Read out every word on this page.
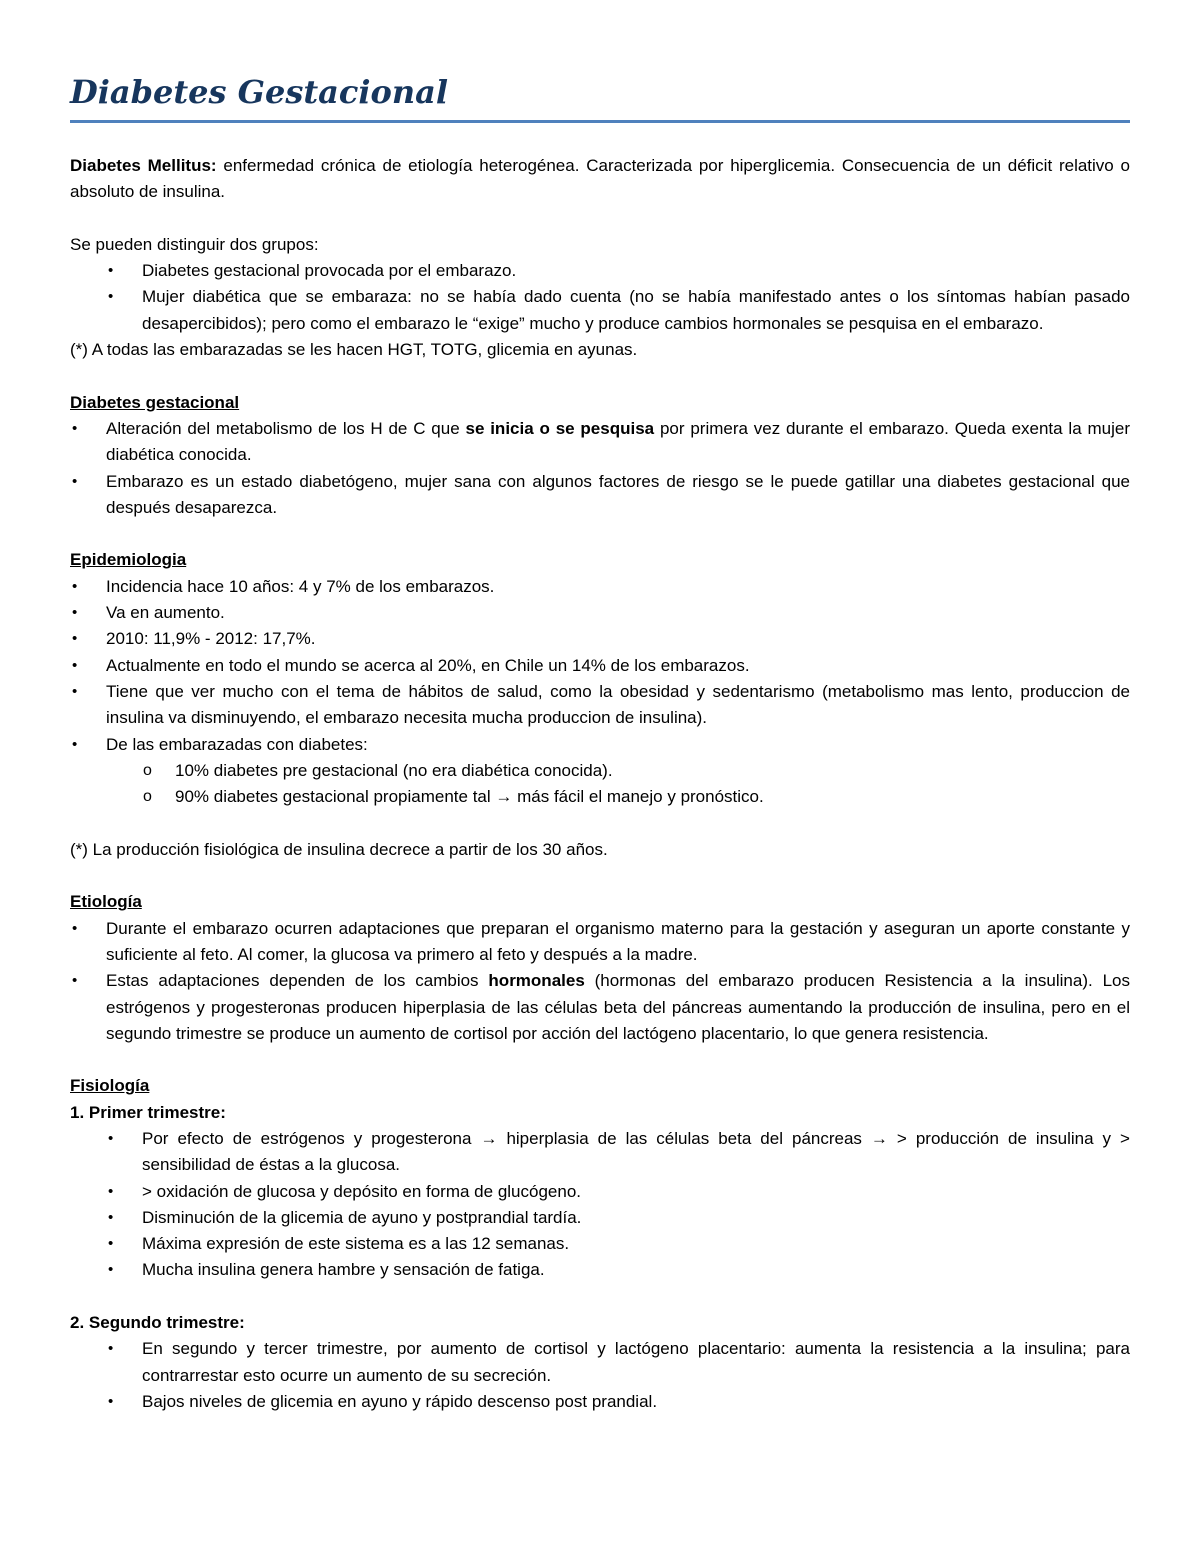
Diabetes Gestacional

Diabetes Mellitus: enfermedad crónica de etiología heterogénea. Caracterizada por hiperglicemia. Consecuencia de un déficit relativo o absoluto de insulina.

Se pueden distinguir dos grupos:

• Diabetes gestacional provocada por el embarazo.
• Mujer diabética que se embaraza: no se había dado cuenta (no se había manifestado antes o los síntomas habían pasado desapercibidos); pero como el embarazo le “exige” mucho y produce cambios hormonales se pesquisa en el embarazo.

(*) A todas las embarazadas se les hacen HGT, TOTG, glicemia en ayunas.

Diabetes gestacional

• Alteración del metabolismo de los H de C que se inicia o se pesquisa por primera vez durante el embarazo. Queda exenta la mujer diabética conocida.
• Embarazo es un estado diabetógeno, mujer sana con algunos factores de riesgo se le puede gatillar una diabetes gestacional que después desaparezca.

Epidemiologia

• Incidencia hace 10 años: 4 y 7% de los embarazos.
• Va en aumento.
• 2010: 11,9% - 2012: 17,7%.
• Actualmente en todo el mundo se acerca al 20%, en Chile un 14% de los embarazos.
• Tiene que ver mucho con el tema de hábitos de salud, como la obesidad y sedentarismo (metabolismo mas lento, produccion de insulina va disminuyendo, el embarazo necesita mucha produccion de insulina).
• De las embarazadas con diabetes:
o 10% diabetes pre gestacional (no era diabética conocida).
o 90% diabetes gestacional propiamente tal → más fácil el manejo y pronóstico.

(*) La producción fisiológica de insulina decrece a partir de los 30 años.

Etiología

• Durante el embarazo ocurren adaptaciones que preparan el organismo materno para la gestación y aseguran un aporte constante y suficiente al feto. Al comer, la glucosa va primero al feto y después a la madre.
• Estas adaptaciones dependen de los cambios hormonales (hormonas del embarazo producen Resistencia a la insulina). Los estrógenos y progesteronas producen hiperplasia de las células beta del páncreas aumentando la producción de insulina, pero en el segundo trimestre se produce un aumento de cortisol por acción del lactógeno placentario, lo que genera resistencia.

Fisiología

1. Primer trimestre:

• Por efecto de estrógenos y progesterona → hiperplasia de las células beta del páncreas → > producción de insulina y > sensibilidad de éstas a la glucosa.
• > oxidación de glucosa y depósito en forma de glucógeno.
• Disminución de la glicemia de ayuno y postprandial tardía.
• Máxima expresión de este sistema es a las 12 semanas.
• Mucha insulina genera hambre y sensación de fatiga.

2. Segundo trimestre:

• En segundo y tercer trimestre, por aumento de cortisol y lactógeno placentario: aumenta la resistencia a la insulina; para contrarrestar esto ocurre un aumento de su secreción.
• Bajos niveles de glicemia en ayuno y rápido descenso post prandial.
